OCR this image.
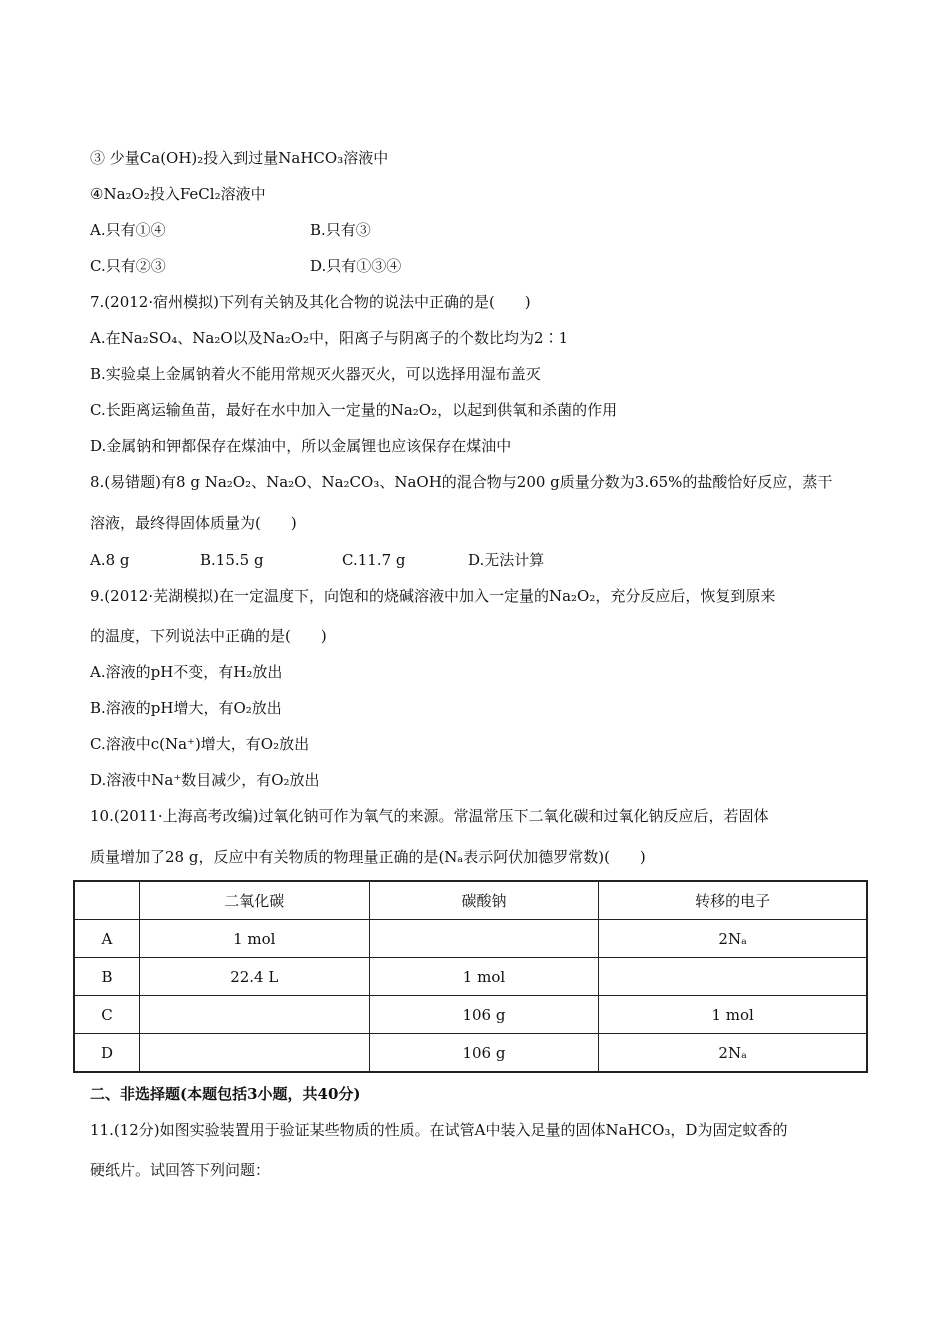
③ 少量Ca(OH)₂投入到过量NaHCO₃溶液中
④Na₂O₂投入FeCl₂溶液中
A.只有①④	B.只有③
C.只有②③	D.只有①③④
7.(2012·宿州模拟)下列有关钠及其化合物的说法中正确的是(　　)
A.在Na₂SO₄、Na₂O以及Na₂O₂中，阳离子与阴离子的个数比均为2∶1
B.实验桌上金属钠着火不能用常规灭火器灭火，可以选择用湿布盖灭
C.长距离运输鱼苗，最好在水中加入一定量的Na₂O₂，以起到供氧和杀菌的作用
D.金属钠和钾都保存在煤油中，所以金属锂也应该保存在煤油中
8.(易错题)有8 g Na₂O₂、Na₂O、Na₂CO₃、NaOH的混合物与200 g质量分数为3.65%的盐酸恰好反应，蒸干
溶液，最终得固体质量为(　　)
A.8 g	B.15.5 g	C.11.7 g	D.无法计算
9.(2012·芜湖模拟)在一定温度下，向饱和的烧碱溶液中加入一定量的Na₂O₂，充分反应后，恢复到原来
的温度，下列说法中正确的是(　　)
A.溶液的pH不变，有H₂放出
B.溶液的pH增大，有O₂放出
C.溶液中c(Na⁺)增大，有O₂放出
D.溶液中Na⁺数目减少，有O₂放出
10.(2011·上海高考改编)过氧化钠可作为氧气的来源。常温常压下二氧化碳和过氧化钠反应后，若固体
质量增加了28 g，反应中有关物质的物理量正确的是(Nₐ表示阿伏加德罗常数)(　　)
	二氧化碳	碳酸钠	转移的电子
A	1 mol		2Nₐ
B	22.4 L	1 mol	
C		106 g	1 mol
D		106 g	2Nₐ
二、非选择题(本题包括3小题，共40分)
11.(12分)如图实验装置用于验证某些物质的性质。在试管A中装入足量的固体NaHCO₃，D为固定蚊香的
硬纸片。试回答下列问题：
